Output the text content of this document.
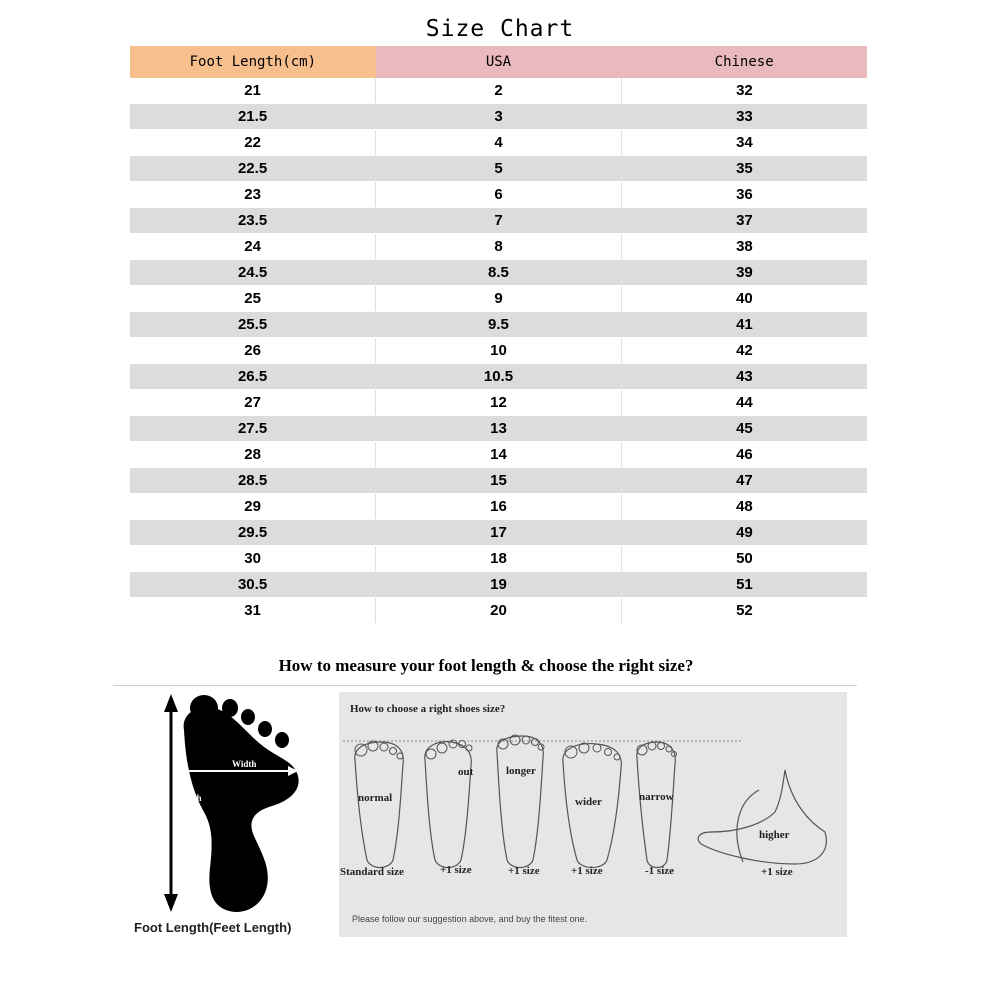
Size Chart
Foot Length(cm)	USA	Chinese
21	2	32
21.5	3	33
22	4	34
22.5	5	35
23	6	36
23.5	7	37
24	8	38
24.5	8.5	39
25	9	40
25.5	9.5	41
26	10	42
26.5	10.5	43
27	12	44
27.5	13	45
28	14	46
28.5	15	47
29	16	48
29.5	17	49
30	18	50
30.5	19	51
31	20	52
How to measure your foot length & choose the right size?
Width
Length
Foot Length(Feet Length)
How to choose a right shoes size?
normal
out	longer
wider	narrow
higher
Standard size	+1 size	+1 size	+1 size	-1 size	+1 size
Please follow our suggestion above, and buy the fitest one.
